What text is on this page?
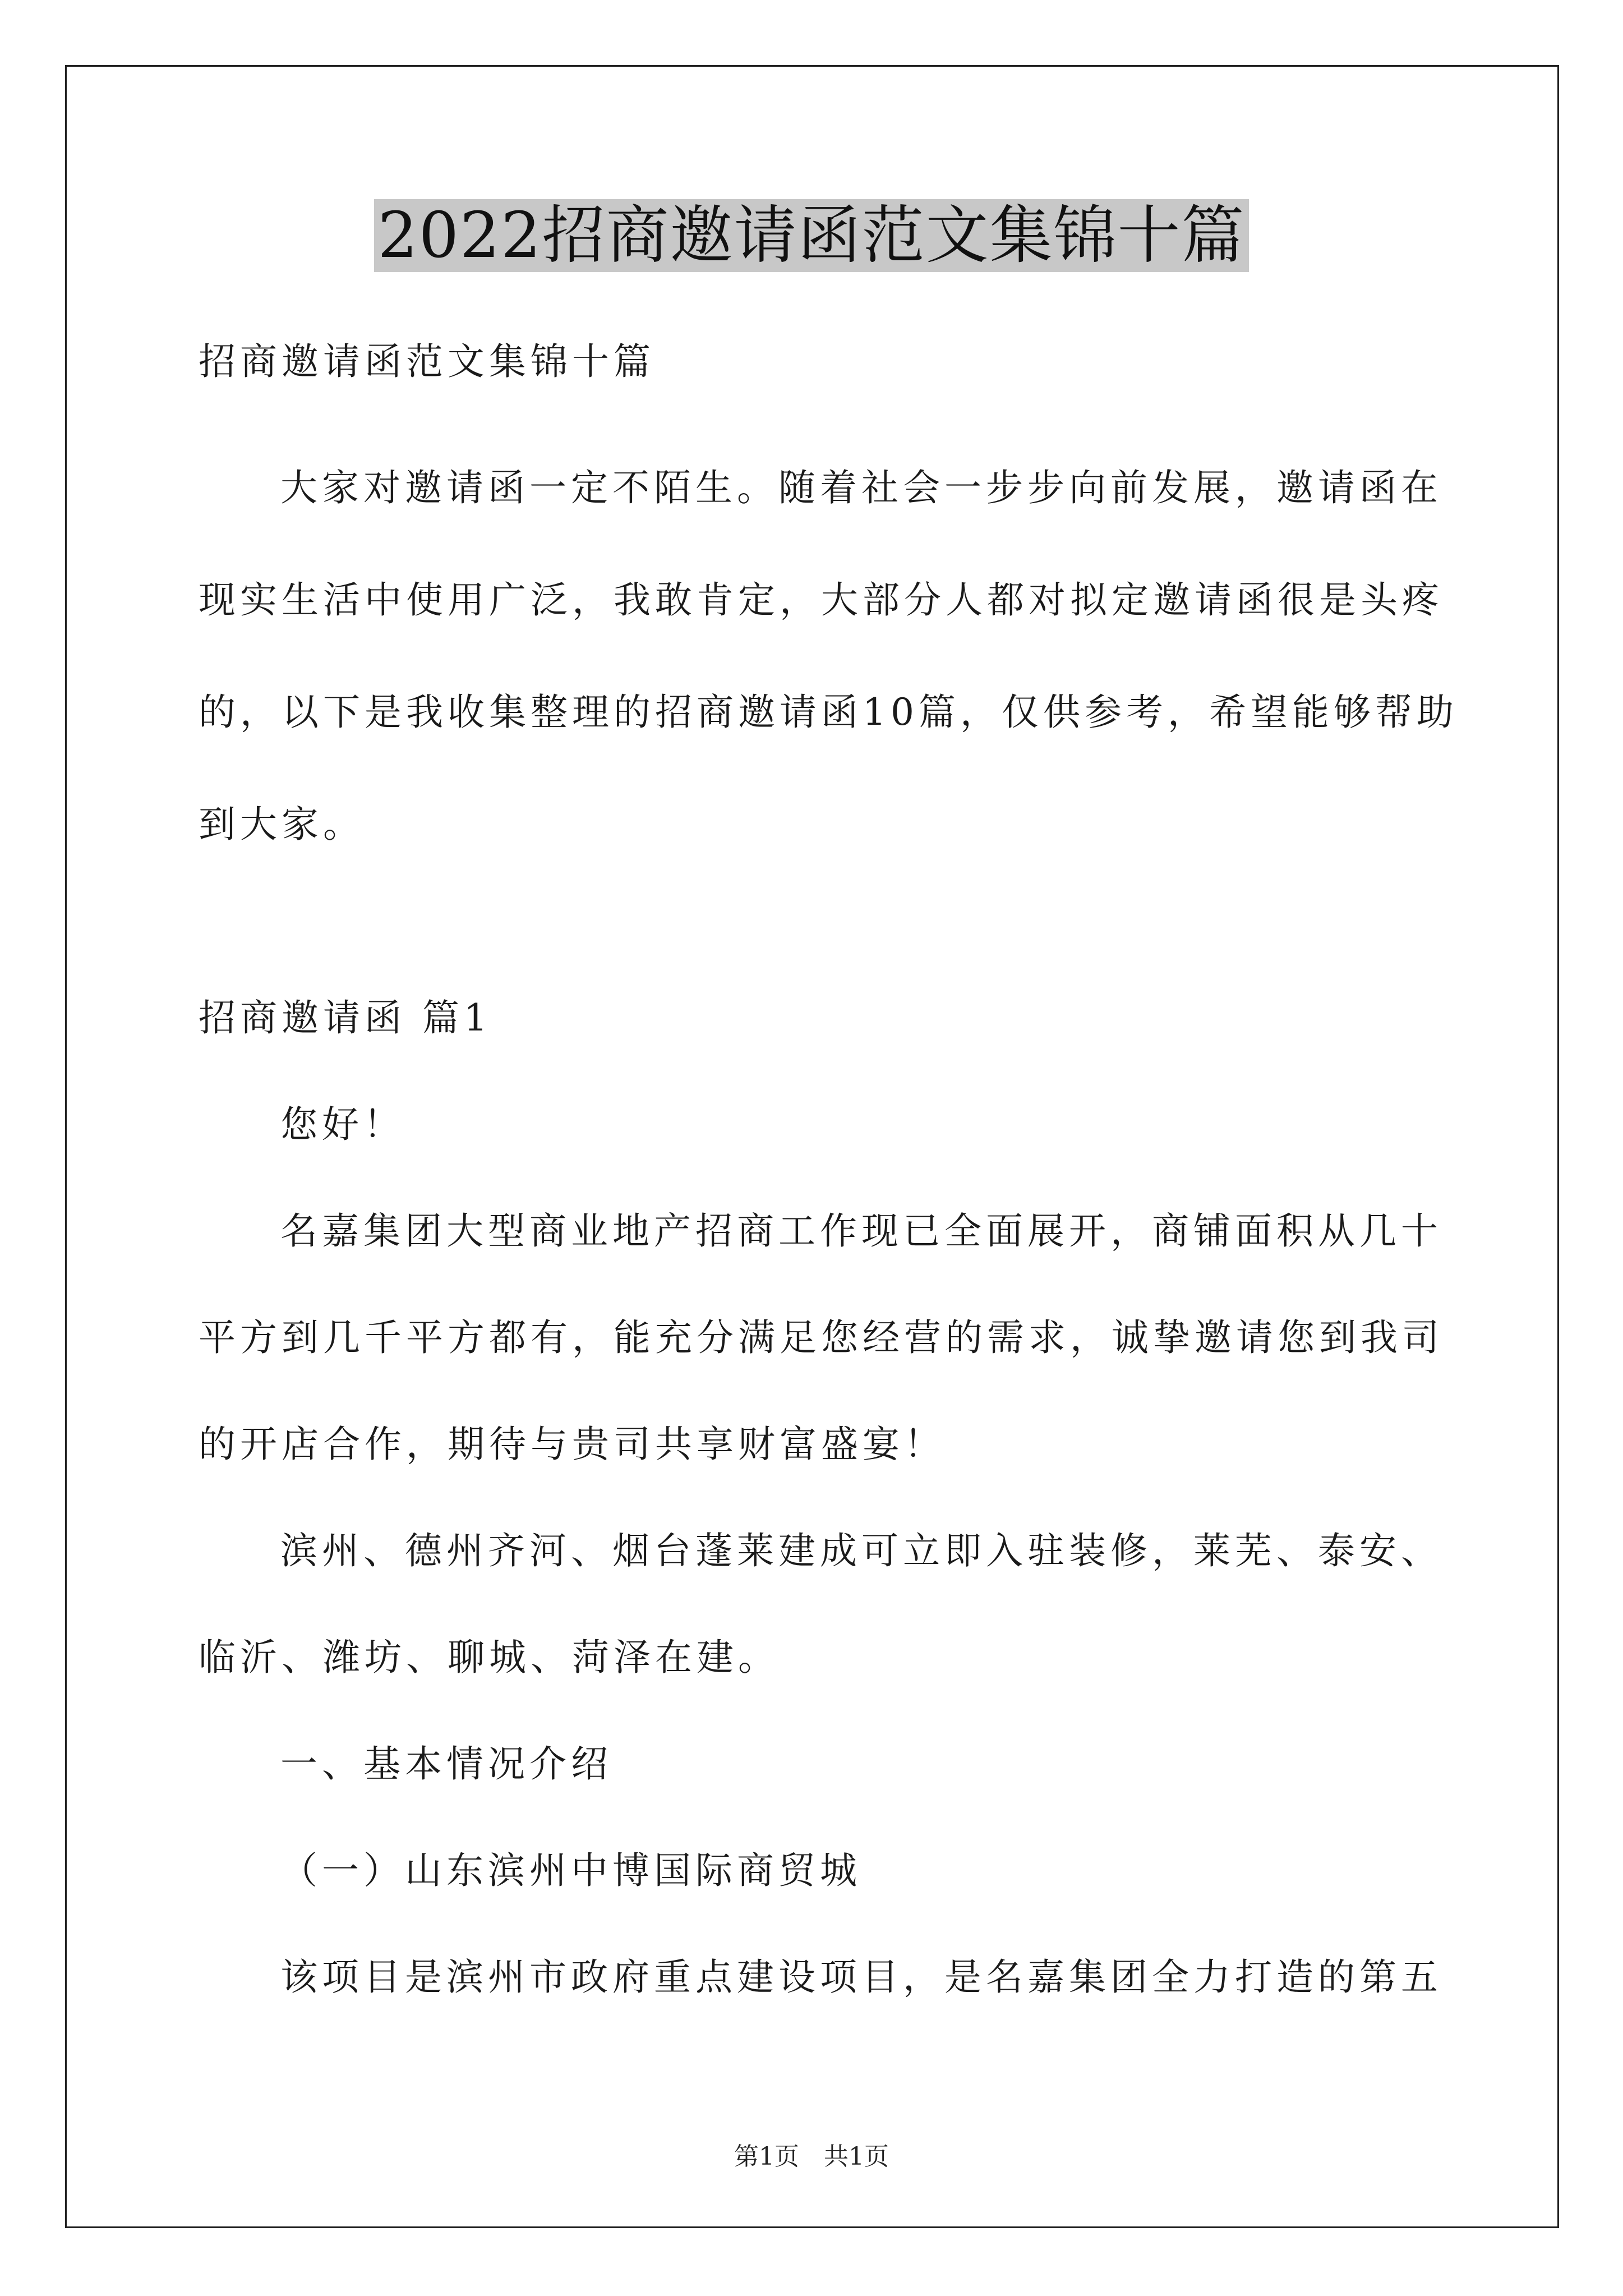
2022招商邀请函范文集锦十篇
招商邀请函范文集锦十篇
大家对邀请函一定不陌生。随着社会一步步向前发展，邀请函在
现实生活中使用广泛，我敢肯定，大部分人都对拟定邀请函很是头疼
的，以下是我收集整理的招商邀请函10篇，仅供参考，希望能够帮助
到大家。
招商邀请函 篇1
您好！
名嘉集团大型商业地产招商工作现已全面展开，商铺面积从几十
平方到几千平方都有，能充分满足您经营的需求，诚挚邀请您到我司
的开店合作，期待与贵司共享财富盛宴！
滨州、德州齐河、烟台蓬莱建成可立即入驻装修，莱芜、泰安、
临沂、潍坊、聊城、菏泽在建。
一、基本情况介绍
（一）山东滨州中博国际商贸城
该项目是滨州市政府重点建设项目，是名嘉集团全力打造的第五
第1页　共1页
